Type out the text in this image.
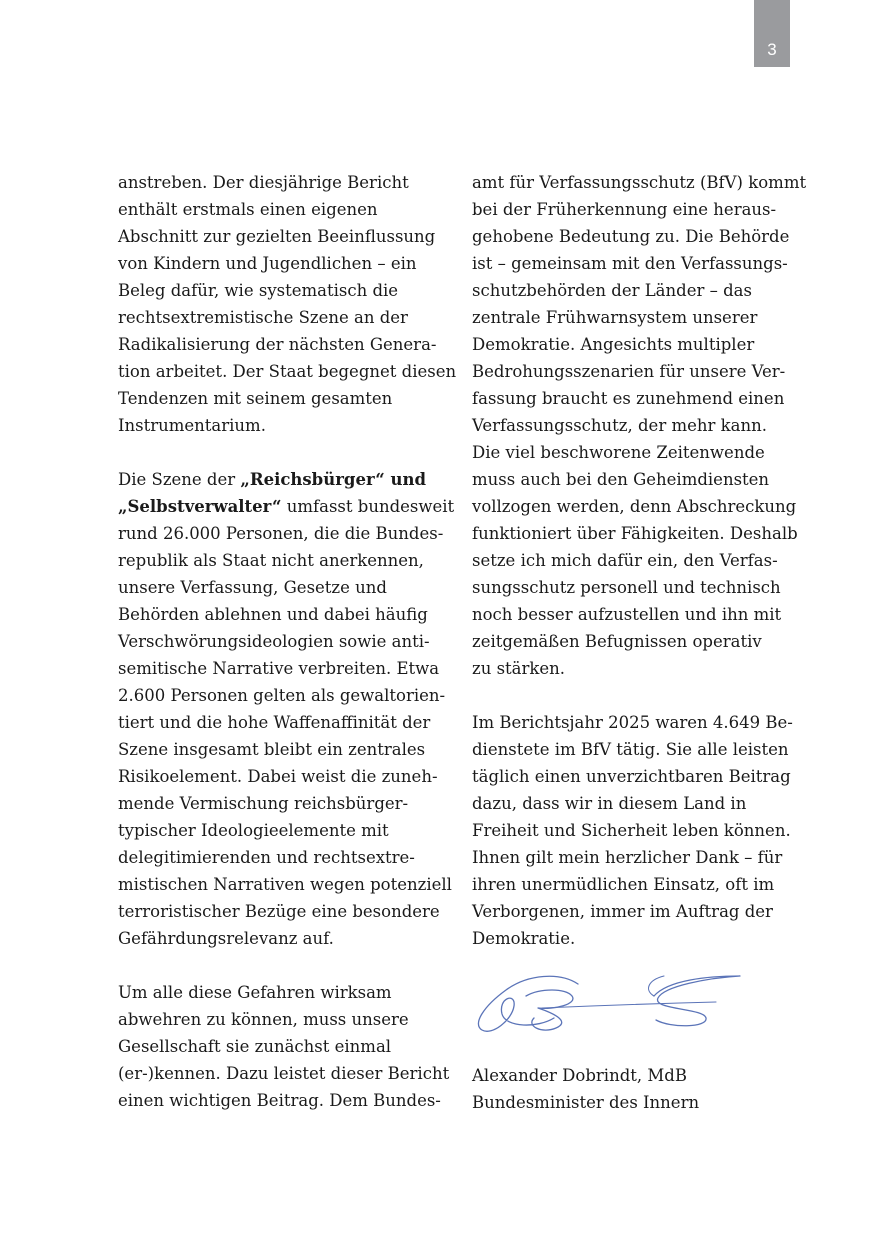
3
anstreben. Der diesjährige Bericht
enthält erstmals einen eigenen
Abschnitt zur gezielten Beeinflussung
von Kindern und Jugendlichen – ein
Beleg dafür, wie systematisch die
rechtsextremistische Szene an der
Radikalisierung der nächsten Genera-
tion arbeitet. Der Staat begegnet diesen
Tendenzen mit seinem gesamten
Instrumentarium.
Die Szene der „Reichsbürger“ und
„Selbstverwalter“ umfasst bundesweit
rund 26.000 Personen, die die Bundes-
republik als Staat nicht anerkennen,
unsere Verfassung, Gesetze und
Behörden ablehnen und dabei häufig
Verschwörungsideologien sowie anti-
semitische Narrative verbreiten. Etwa
2.600 Personen gelten als gewaltorien-
tiert und die hohe Waffenaffinität der
Szene insgesamt bleibt ein zentrales
Risikoelement. Dabei weist die zuneh-
mende Vermischung reichsbürger-
typischer Ideologieelemente mit
delegitimierenden und rechtsextre-
mistischen Narrativen wegen potenziell
terroristischer Bezüge eine besondere
Gefährdungsrelevanz auf.
Um alle diese Gefahren wirksam
abwehren zu können, muss unsere
Gesellschaft sie zunächst einmal
(er-)kennen. Dazu leistet dieser Bericht
einen wichtigen Beitrag. Dem Bundes-
amt für Verfassungsschutz (BfV) kommt
bei der Früherkennung eine heraus-
gehobene Bedeutung zu. Die Behörde
ist – gemeinsam mit den Verfassungs-
schutzbehörden der Länder – das
zentrale Frühwarnsystem unserer
Demokratie. Angesichts multipler
Bedrohungsszenarien für unsere Ver-
fassung braucht es zunehmend einen
Verfassungsschutz, der mehr kann.
Die viel beschworene Zeitenwende
muss auch bei den Geheimdiensten
vollzogen werden, denn Abschreckung
funktioniert über Fähigkeiten. Deshalb
setze ich mich dafür ein, den Verfas-
sungsschutz personell und technisch
noch besser aufzustellen und ihn mit
zeitgemäßen Befugnissen operativ
zu stärken.
Im Berichtsjahr 2025 waren 4.649 Be-
dienstete im BfV tätig. Sie alle leisten
täglich einen unverzichtbaren Beitrag
dazu, dass wir in diesem Land in
Freiheit und Sicherheit leben können.
Ihnen gilt mein herzlicher Dank – für
ihren unermüdlichen Einsatz, oft im
Verborgenen, immer im Auftrag der
Demokratie.
Alexander Dobrindt, MdB
Bundesminister des Innern
